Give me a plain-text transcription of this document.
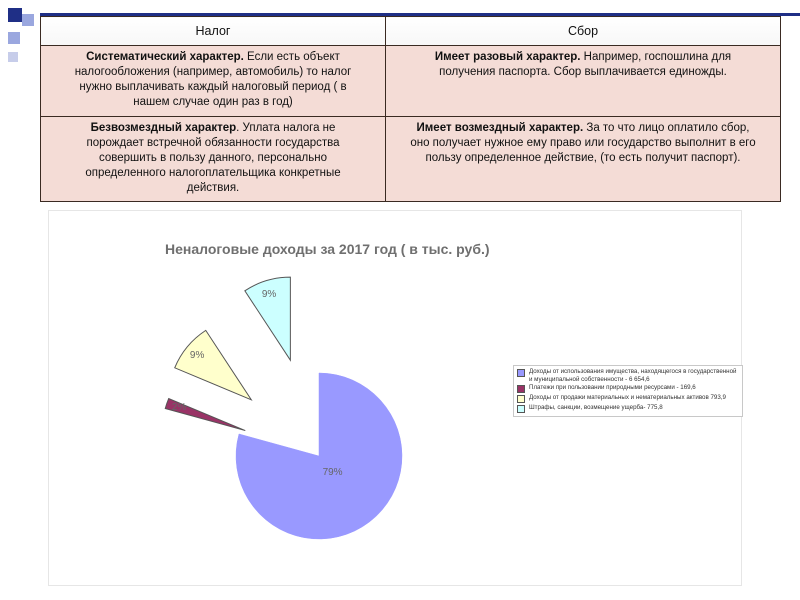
Налог	Сбор
Систематический характер. Если есть объект налогообложения (например, автомобиль) то налог нужно выплачивать каждый налоговый период ( в нашем случае один раз в год)	Имеет разовый характер. Например, госпошлина для получения паспорта. Сбор выплачивается единожды.
Безвозмездный характер. Уплата налога не порождает встречной обязанности государства совершить в пользу данного, персонально определенного налогоплательщика конкретные действия.	Имеет возмездный характер. За то что лицо оплатило сбор, оно получает нужное ему право или государство выполнит в его пользу определенное действие, (то есть получит паспорт).
Неналоговые доходы за 2017 год ( в тыс. руб.)
Доходы от использования имущества, находящегося в государственной и муниципальной собственности - 6 654,6
Платежи при пользовании природными ресурсами - 169,6
Доходы от продажи материальных и нематериальных активов 793,9
Штрафы, санкции, возмещение ущерба- 775,8
79%
2%
9%
9%
